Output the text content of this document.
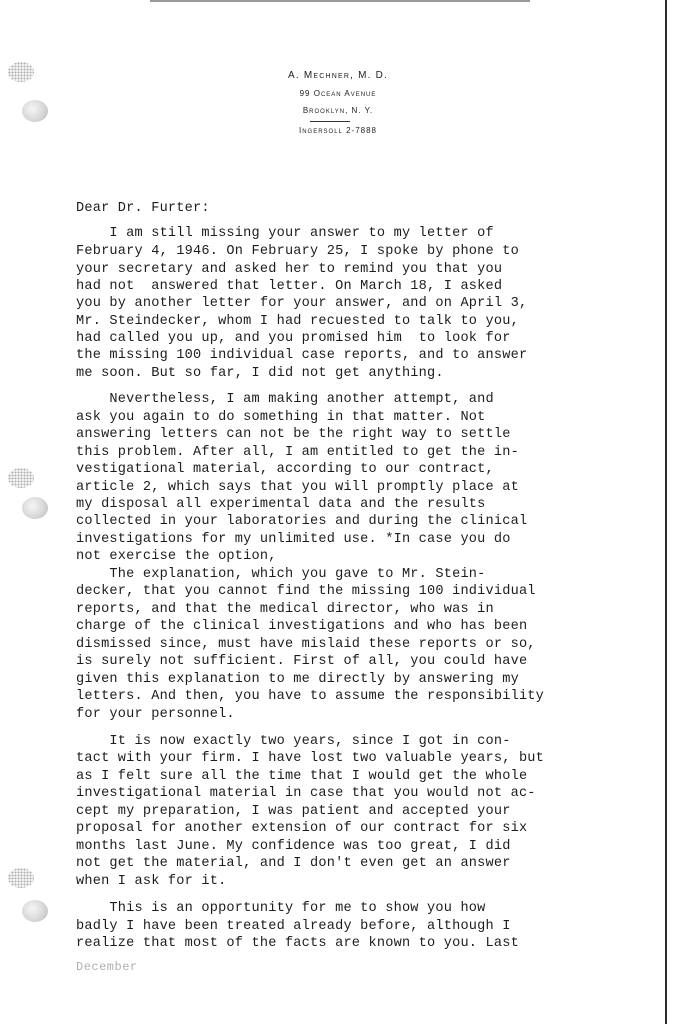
A. Mechner, M. D.
99 Ocean Avenue
Brooklyn, N. Y.
Ingersoll 2-7888
Dear Dr. Furter:
I am still missing your answer to my letter of
February 4, 1946. On February 25, I spoke by phone to
your secretary and asked her to remind you that you
had not  answered that letter. On March 18, I asked
you by another letter for your answer, and on April 3,
Mr. Steindecker, whom I had recuested to talk to you,
had called you up, and you promised him  to look for
the missing 100 individual case reports, and to answer
me soon. But so far, I did not get anything.
Nevertheless, I am making another attempt, and
ask you again to do something in that matter. Not
answering letters can not be the right way to settle
this problem. After all, I am entitled to get the in-
vestigational material, according to our contract,
article 2, which says that you will promptly place at
my disposal all experimental data and the results
collected in your laboratories and during the clinical
investigations for my unlimited use. *In case you do
not exercise the option,
The explanation, which you gave to Mr. Stein-
decker, that you cannot find the missing 100 individual
reports, and that the medical director, who was in
charge of the clinical investigations and who has been
dismissed since, must have mislaid these reports or so,
is surely not sufficient. First of all, you could have
given this explanation to me directly by answering my
letters. And then, you have to assume the responsibility
for your personnel.
It is now exactly two years, since I got in con-
tact with your firm. I have lost two valuable years, but
as I felt sure all the time that I would get the whole
investigational material in case that you would not ac-
cept my preparation, I was patient and accepted your
proposal for another extension of our contract for six
months last June. My confidence was too great, I did
not get the material, and I don't even get an answer
when I ask for it.
This is an opportunity for me to show you how
badly I have been treated already before, although I
realize that most of the facts are known to you. Last
December
